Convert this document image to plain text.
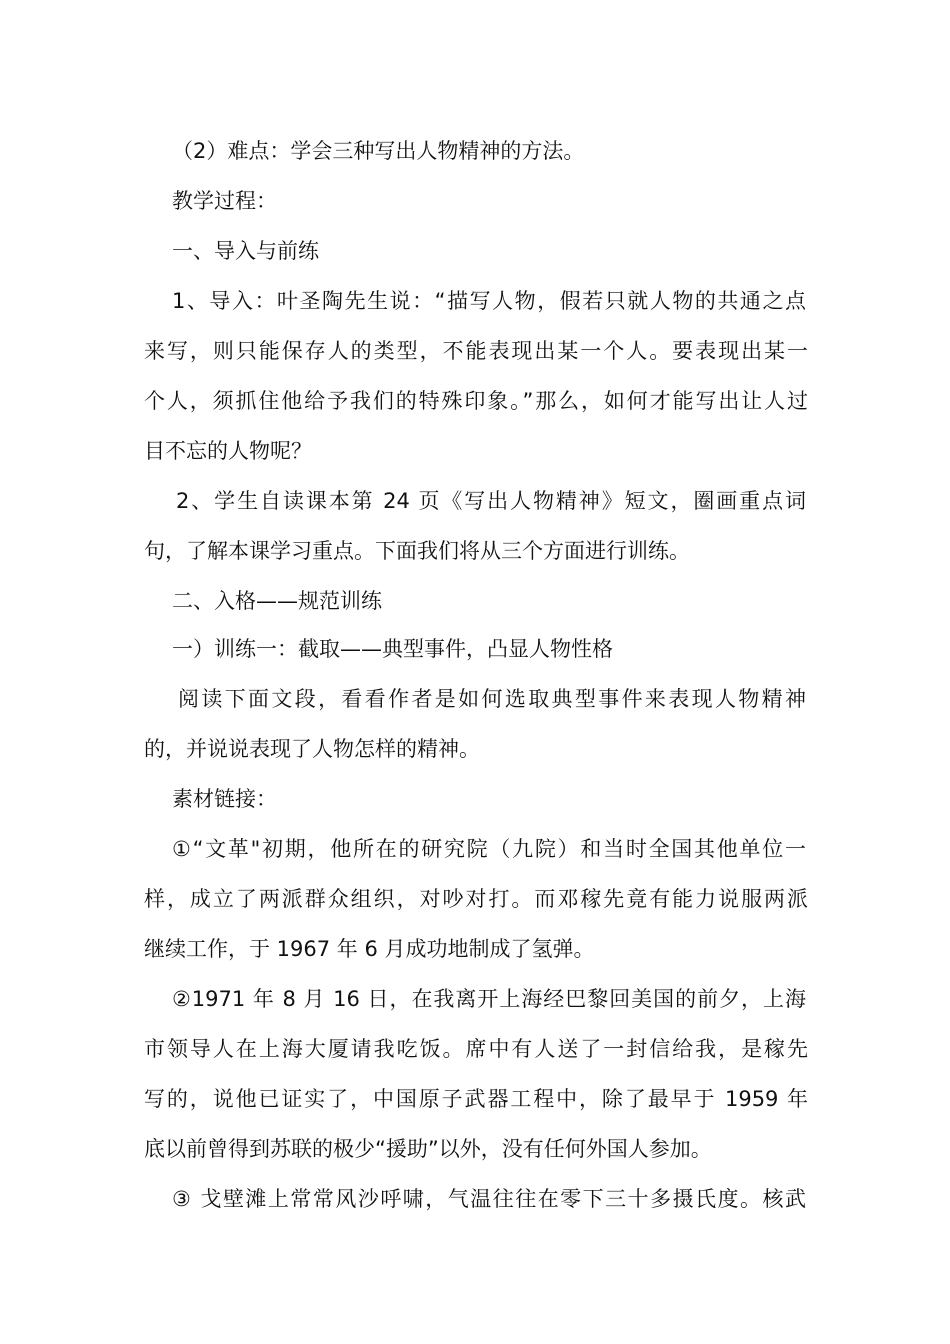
（2）难点：学会三种写出人物精神的方法。
教学过程：
一、导入与前练
1、导入：叶圣陶先生说：“描写人物，假若只就人物的共通之点
来写，则只能保存人的类型，不能表现出某一个人。要表现出某一
个人，须抓住他给予我们的特殊印象。”那么，如何才能写出让人过
目不忘的人物呢？
2、学生自读课本第 24 页《写出人物精神》短文，圈画重点词
句，了解本课学习重点。下面我们将从三个方面进行训练。
二、入格——规范训练
一）训练一：截取——典型事件，凸显人物性格
阅读下面文段，看看作者是如何选取典型事件来表现人物精神
的，并说说表现了人物怎样的精神。
素材链接：
①“文革"初期，他所在的研究院（九院）和当时全国其他单位一
样，成立了两派群众组织，对吵对打。而邓稼先竟有能力说服两派
继续工作，于 1967 年 6 月成功地制成了氢弹。
②1971 年 8 月 16 日，在我离开上海经巴黎回美国的前夕，上海
市领导人在上海大厦请我吃饭。席中有人送了一封信给我，是稼先
写的，说他已证实了，中国原子武器工程中，除了最早于 1959 年
底以前曾得到苏联的极少“援助”以外，没有任何外国人参加。
③ 戈壁滩上常常风沙呼啸，气温往往在零下三十多摄氏度。核武
